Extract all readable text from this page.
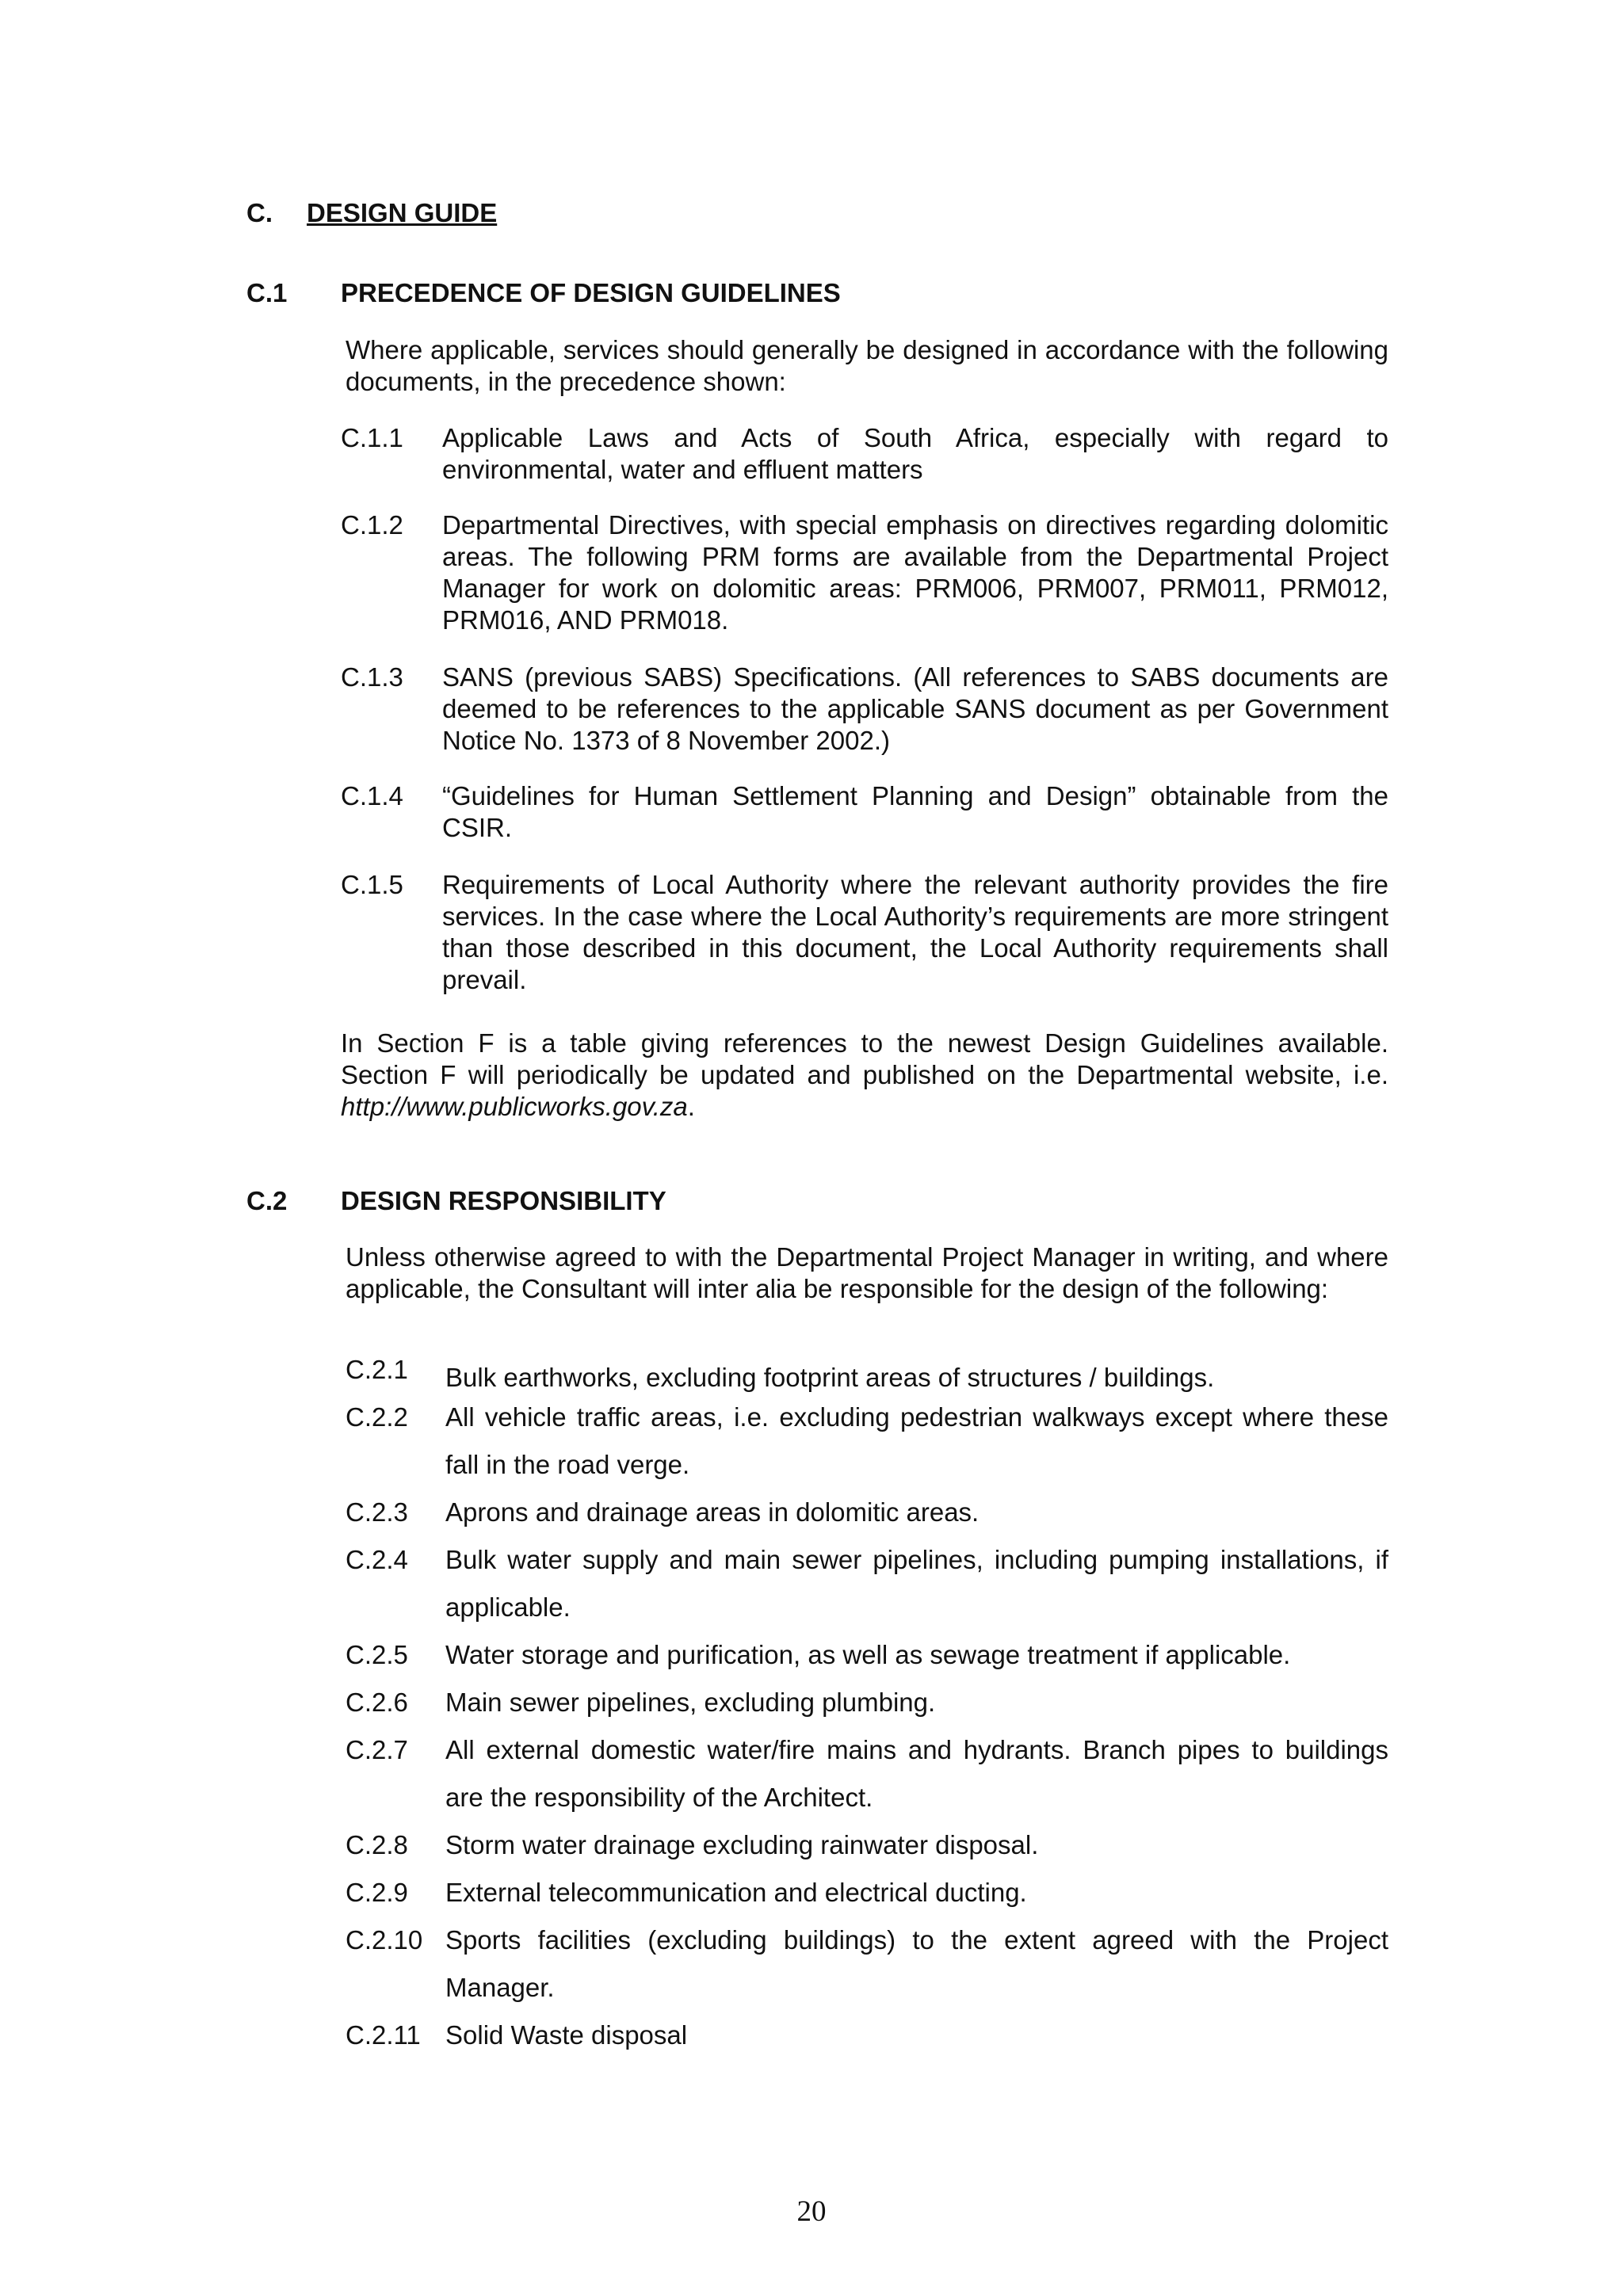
C. DESIGN GUIDE
C.1 PRECEDENCE OF DESIGN GUIDELINES
Where applicable, services should generally be designed in accordance with the following documents, in the precedence shown:
C.1.1 Applicable Laws and Acts of South Africa, especially with regard to environmental, water and effluent matters
C.1.2 Departmental Directives, with special emphasis on directives regarding dolomitic areas. The following PRM forms are available from the Departmental Project Manager for work on dolomitic areas: PRM006, PRM007, PRM011, PRM012, PRM016, AND PRM018.
C.1.3 SANS (previous SABS) Specifications. (All references to SABS documents are deemed to be references to the applicable SANS document as per Government Notice No. 1373 of 8 November 2002.)
C.1.4 “Guidelines for Human Settlement Planning and Design” obtainable from the CSIR.
C.1.5 Requirements of Local Authority where the relevant authority provides the fire services. In the case where the Local Authority’s requirements are more stringent than those described in this document, the Local Authority requirements shall prevail.
In Section F is a table giving references to the newest Design Guidelines available. Section F will periodically be updated and published on the Departmental website, i.e. http://www.publicworks.gov.za.
C.2 DESIGN RESPONSIBILITY
Unless otherwise agreed to with the Departmental Project Manager in writing, and where applicable, the Consultant will inter alia be responsible for the design of the following:
C.2.1 Bulk earthworks, excluding footprint areas of structures / buildings.
C.2.2 All vehicle traffic areas, i.e. excluding pedestrian walkways except where these fall in the road verge.
C.2.3 Aprons and drainage areas in dolomitic areas.
C.2.4 Bulk water supply and main sewer pipelines, including pumping installations, if applicable.
C.2.5 Water storage and purification, as well as sewage treatment if applicable.
C.2.6 Main sewer pipelines, excluding plumbing.
C.2.7 All external domestic water/fire mains and hydrants. Branch pipes to buildings are the responsibility of the Architect.
C.2.8 Storm water drainage excluding rainwater disposal.
C.2.9 External telecommunication and electrical ducting.
C.2.10 Sports facilities (excluding buildings) to the extent agreed with the Project Manager.
C.2.11 Solid Waste disposal
20
